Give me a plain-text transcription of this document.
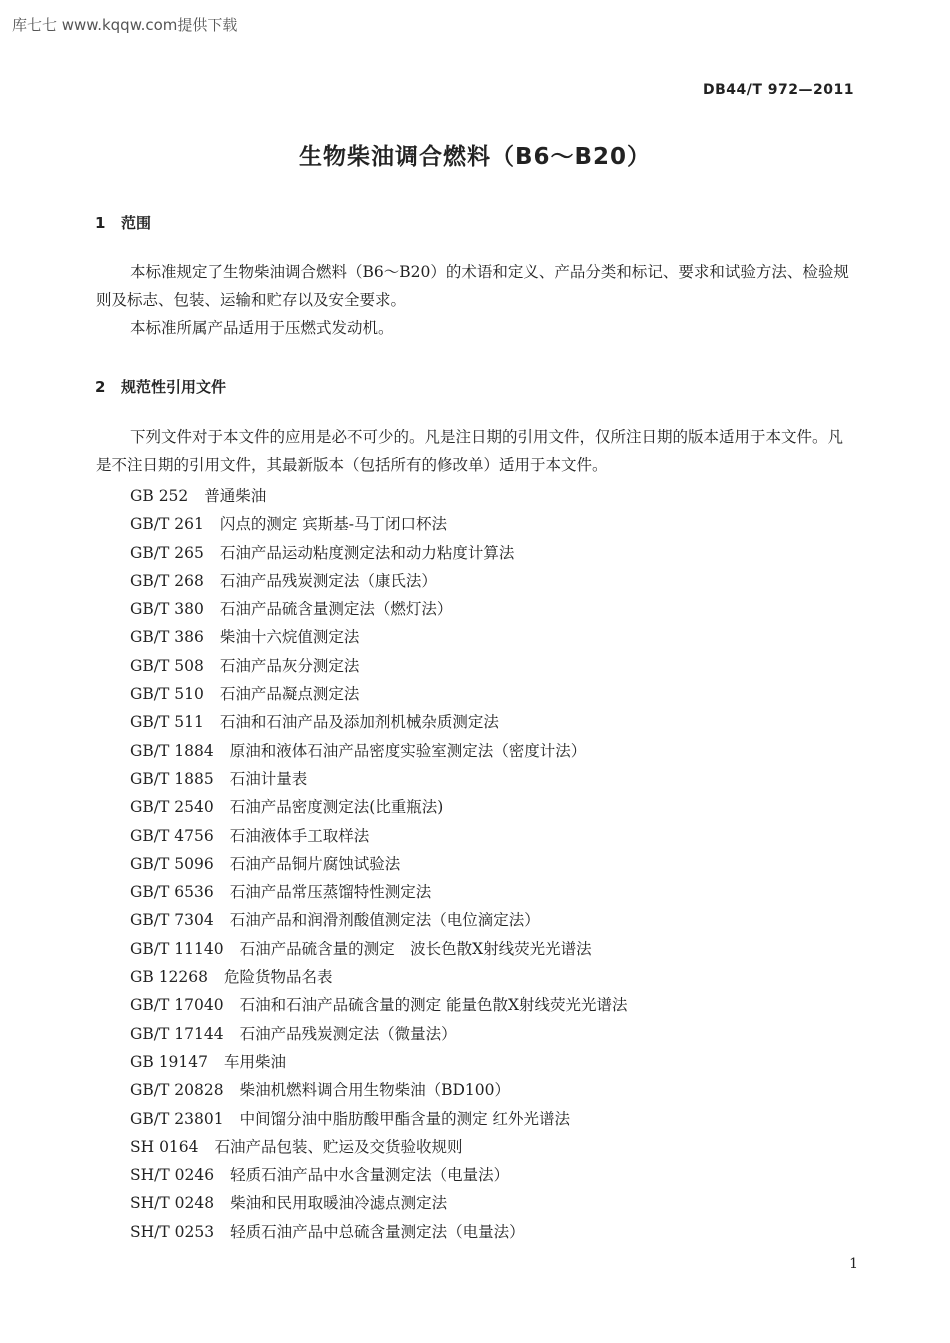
库七七 www.kqqw.com提供下载
DB44/T 972—2011
生物柴油调合燃料（B6～B20）
1 范围
本标准规定了生物柴油调合燃料（B6～B20）的术语和定义、产品分类和标记、要求和试验方法、检验规则及标志、包装、运输和贮存以及安全要求。
本标准所属产品适用于压燃式发动机。
2 规范性引用文件
下列文件对于本文件的应用是必不可少的。凡是注日期的引用文件，仅所注日期的版本适用于本文件。凡是不注日期的引用文件，其最新版本（包括所有的修改单）适用于本文件。
GB 252 普通柴油
GB/T 261 闪点的测定 宾斯基-马丁闭口杯法
GB/T 265 石油产品运动粘度测定法和动力粘度计算法
GB/T 268 石油产品残炭测定法（康氏法）
GB/T 380 石油产品硫含量测定法（燃灯法）
GB/T 386 柴油十六烷值测定法
GB/T 508 石油产品灰分测定法
GB/T 510 石油产品凝点测定法
GB/T 511 石油和石油产品及添加剂机械杂质测定法
GB/T 1884 原油和液体石油产品密度实验室测定法（密度计法）
GB/T 1885 石油计量表
GB/T 2540 石油产品密度测定法(比重瓶法)
GB/T 4756 石油液体手工取样法
GB/T 5096 石油产品铜片腐蚀试验法
GB/T 6536 石油产品常压蒸馏特性测定法
GB/T 7304 石油产品和润滑剂酸值测定法（电位滴定法）
GB/T 11140 石油产品硫含量的测定　波长色散X射线荧光光谱法
GB 12268 危险货物品名表
GB/T 17040 石油和石油产品硫含量的测定 能量色散X射线荧光光谱法
GB/T 17144 石油产品残炭测定法（微量法）
GB 19147 车用柴油
GB/T 20828 柴油机燃料调合用生物柴油（BD100）
GB/T 23801 中间馏分油中脂肪酸甲酯含量的测定 红外光谱法
SH 0164 石油产品包装、贮运及交货验收规则
SH/T 0246 轻质石油产品中水含量测定法（电量法）
SH/T 0248 柴油和民用取暖油冷滤点测定法
SH/T 0253 轻质石油产品中总硫含量测定法（电量法）
1
